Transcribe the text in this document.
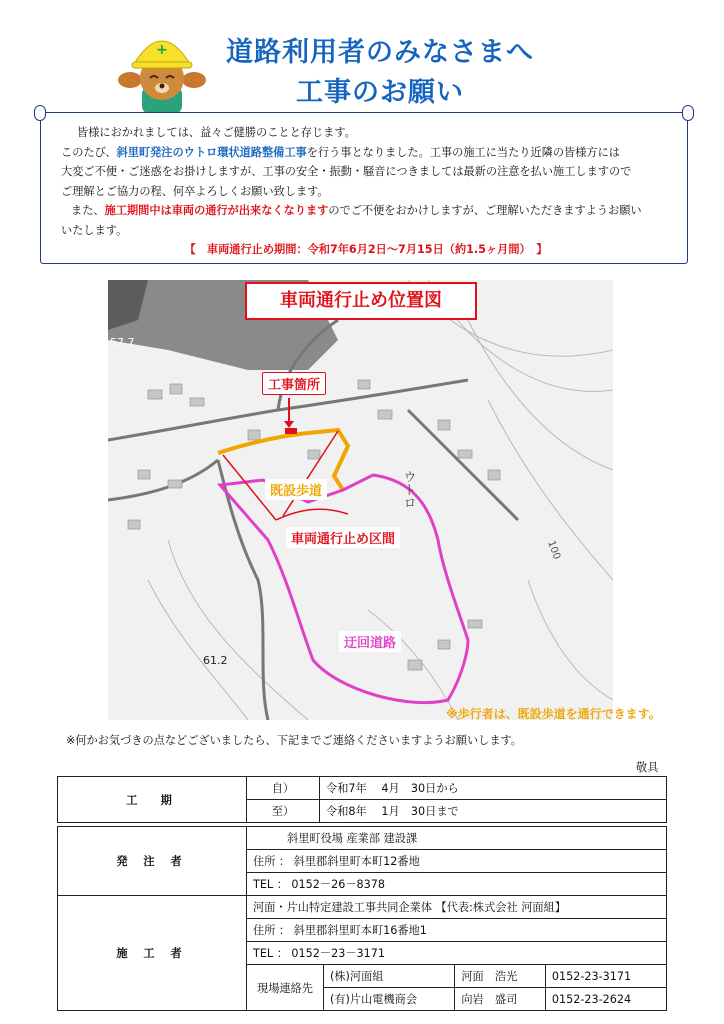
+	道路利用者のみなさまへ
工事のお願い

皆様におかれましては、益々ご健勝のことと存じます。

このたび、斜里町発注のウトロ環状道路整備工事を行う事となりました。工事の施工に当たり近隣の皆様方には

大変ご不便・ご迷惑をお掛けしますが、工事の安全・振動・騒音につきましては最新の注意を払い施工しますので

ご理解とご協力の程、何卒よろしくお願い致します。

また、施工期間中は車両の通行が出来なくなりますのでご不便をおかけしますが、ご理解いただきますようお願い

いたします。

【　車両通行止め期間：令和7年6月2日～7月15日（約1.5ヶ月間）　】

57.7
61.2
100
ウトロ
車両通行止め位置図
工事箇所
既設歩道
車両通行止め区間
迂回道路
※歩行者は、既設歩道を通行できます。
※何かお気づきの点などございましたら、下記までご連絡くださいますようお願いします。
敬具
工　期	自）	令和7年　 4月　30日から
	至）	令和8年　 1月　30日まで
発 注 者	斜里町役場 産業部 建設課
住所 ： 斜里郡斜里町本町12番地
TEL ： 0152－26－8378
施 工 者	河面・片山特定建設工事共同企業体 【代表:株式会社 河面組】			
	住所 ： 斜里郡斜里町本町16番地1			
	TEL ： 0152－23－3171			
	現場連絡先	(株)河面組	河面　浩光	0152-23-3171
		(有)片山電機商会	向岩　盛司	0152-23-2624
